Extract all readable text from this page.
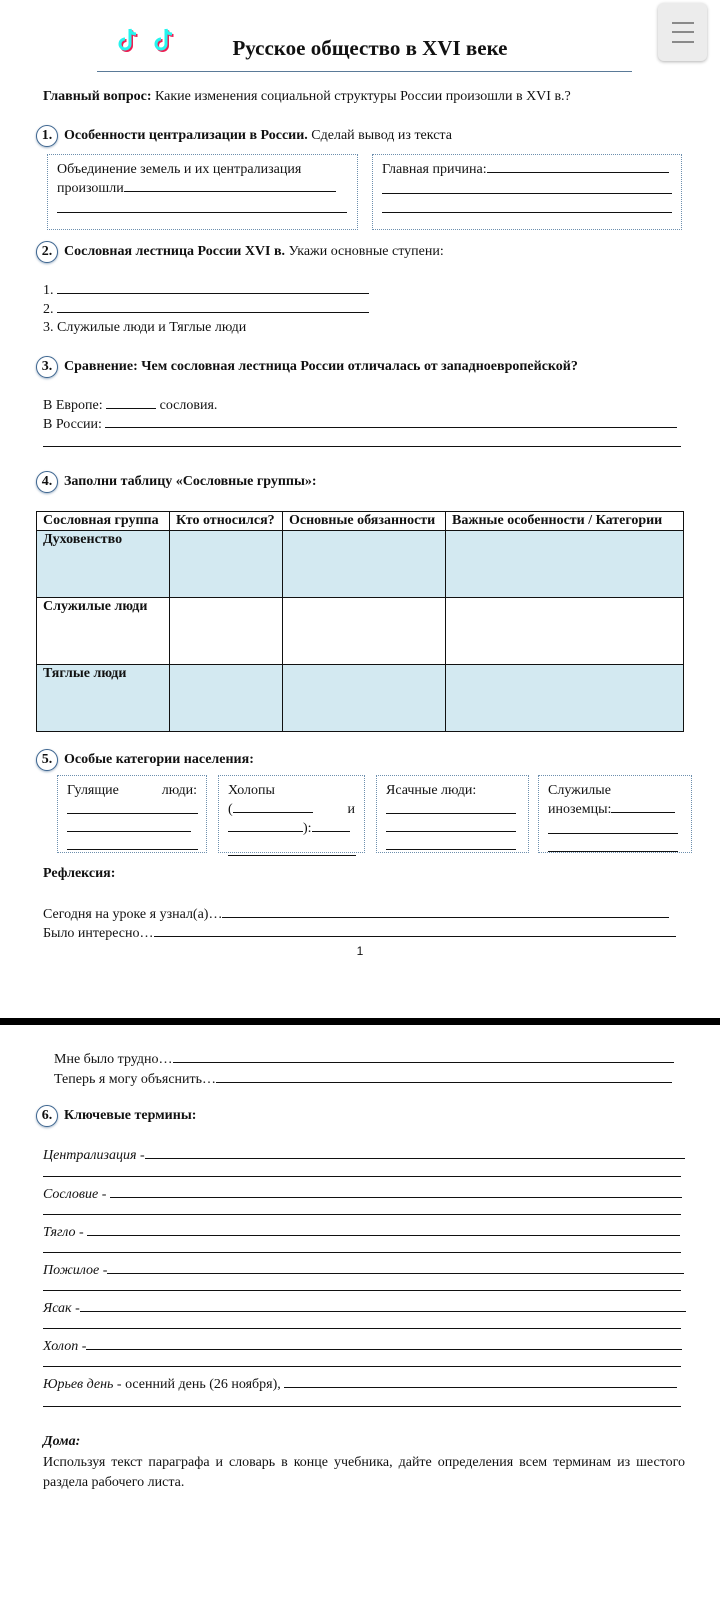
Русское общество в XVI веке
Главный вопрос: Какие изменения социальной структуры России произошли в XVI в.?
1. Особенности централизации в России. Сделай вывод из текста
Объединение земель и их централизация
произошли
Главная причина:
2. Сословная лестница России XVI в. Укажи основные ступени:
1.
2.
3. Служилые люди и Тяглые люди
3. Сравнение: Чем сословная лестница России отличалась от западноевропейской?
В Европе:	сословия.
В России:
4. Заполни таблицу «Сословные группы»:
Сословная группа	Кто относился?	Основные обязанности	Важные особенности / Категории
Духовенство			
Служилые люди			
Тяглые люди			
5. Особые категории населения:
Гулящие	люди: Холопы
(	и
):
Ясачные люди:	Служилые
иноземцы:
Рефлексия:
Сегодня на уроке я узнал(а)…
Было интересно…
1
Мне было трудно…
Теперь я могу объяснить…
6. Ключевые термины:
Централизация -
Сословие -
Тягло -
Пожилое -
Ясак -
Холоп -
Юрьев день - осенний день (26 ноября),
Дома:
Используя текст параграфа и словарь в конце учебника, дайте определения всем терминам из шестого раздела рабочего листа.
